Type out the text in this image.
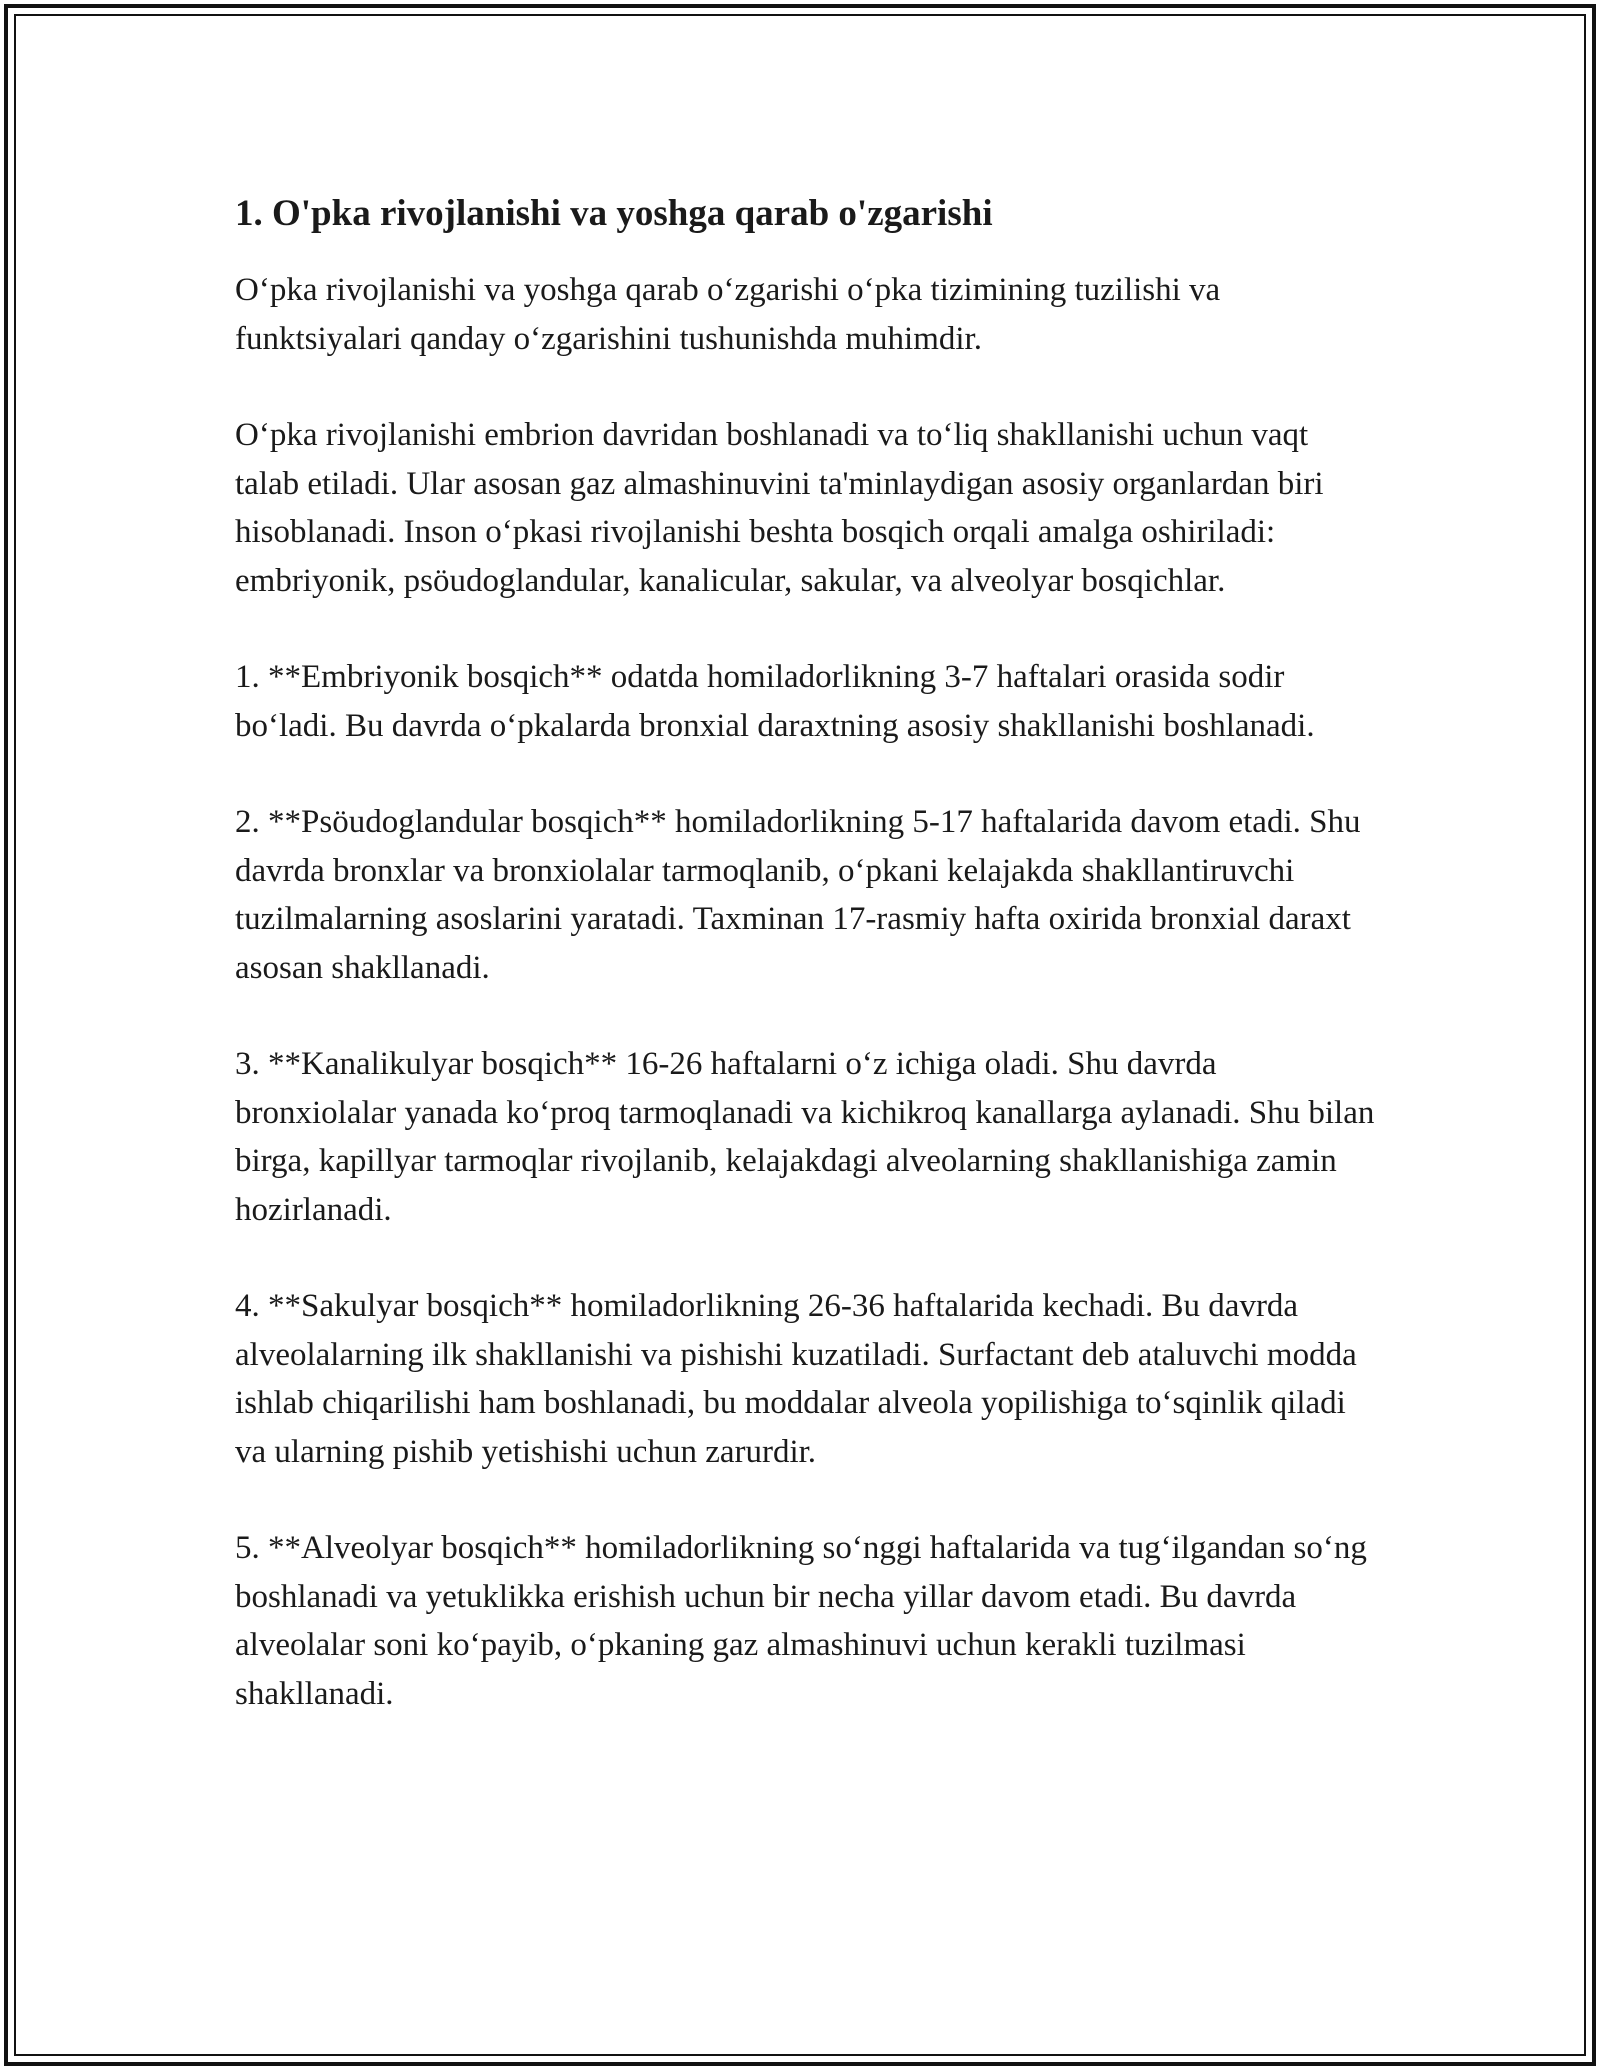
1. O'pka rivojlanishi va yoshga qarab o'zgarishi

O‘pka rivojlanishi va yoshga qarab o‘zgarishi o‘pka tizimining tuzilishi va funktsiyalari qanday o‘zgarishini tushunishda muhimdir.

O‘pka rivojlanishi embrion davridan boshlanadi va to‘liq shakllanishi uchun vaqt talab etiladi. Ular asosan gaz almashinuvini ta'minlaydigan asosiy organlardan biri hisoblanadi. Inson o‘pkasi rivojlanishi beshta bosqich orqali amalga oshiriladi: embriyonik, psöudoglandular, kanalicular, sakular, va alveolyar bosqichlar.

1. **Embriyonik bosqich** odatda homiladorlikning 3-7 haftalari orasida sodir bo‘ladi. Bu davrda o‘pkalarda bronxial daraxtning asosiy shakllanishi boshlanadi.

2. **Psöudoglandular bosqich** homiladorlikning 5-17 haftalarida davom etadi. Shu davrda bronxlar va bronxiolalar tarmoqlanib, o‘pkani kelajakda shakllantiruvchi tuzilmalarning asoslarini yaratadi. Taxminan 17-rasmiy hafta oxirida bronxial daraxt asosan shakllanadi.

3. **Kanalikulyar bosqich** 16-26 haftalarni o‘z ichiga oladi. Shu davrda bronxiolalar yanada ko‘proq tarmoqlanadi va kichikroq kanallarga aylanadi. Shu bilan birga, kapillyar tarmoqlar rivojlanib, kelajakdagi alveolarning shakllanishiga zamin hozirlanadi.

4. **Sakulyar bosqich** homiladorlikning 26-36 haftalarida kechadi. Bu davrda alveolalarning ilk shakllanishi va pishishi kuzatiladi. Surfactant deb ataluvchi modda ishlab chiqarilishi ham boshlanadi, bu moddalar alveola yopilishiga to‘sqinlik qiladi va ularning pishib yetishishi uchun zarurdir.

5. **Alveolyar bosqich** homiladorlikning so‘nggi haftalarida va tug‘ilgandan so‘ng boshlanadi va yetuklikka erishish uchun bir necha yillar davom etadi. Bu davrda alveolalar soni ko‘payib, o‘pkaning gaz almashinuvi uchun kerakli tuzilmasi shakllanadi.
